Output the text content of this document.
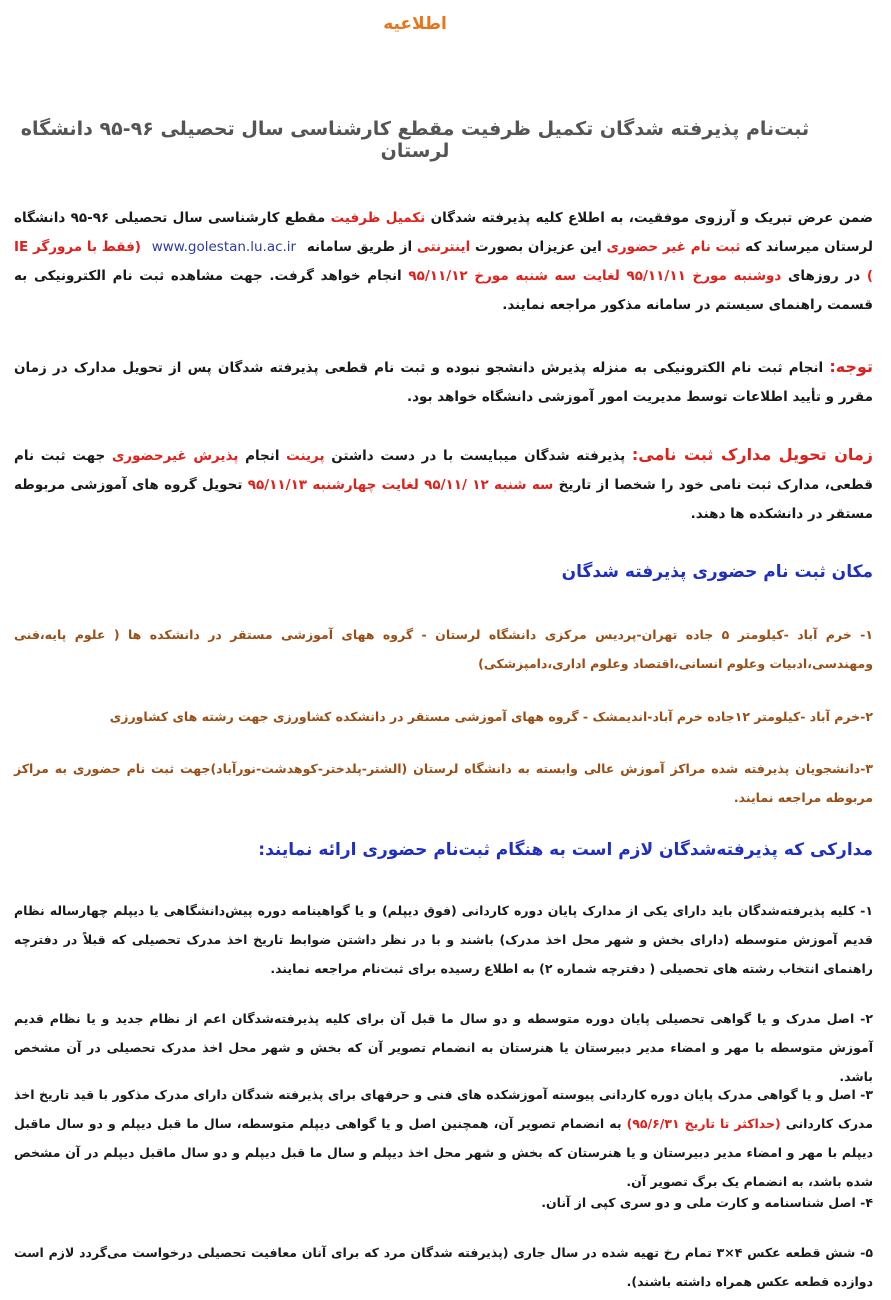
اطلاعیه
ثبت‌نام پذیرفته شدگان تکمیل ظرفیت مقطع کارشناسی سال تحصیلی ۹۶-۹۵ دانشگاه لرستان
ضمن عرض تبریک و آرزوی موفقیت، به اطلاع کلیه پذیرفته شدگان تکمیل ظرفیت مقطع کارشناسی سال تحصیلی ۹۶-۹۵ دانشگاه لرستان میرساند که ثبت نام غیر حضوری این عزیزان بصورت اینترنتی از طریق سامانه www.golestan.lu.ac.ir (فقط با مرورگر IE ) در روزهای دوشنبه مورخ ۹۵/۱۱/۱۱ لغایت سه شنبه مورخ ۹۵/۱۱/۱۲ انجام خواهد گرفت. جهت مشاهده ثبت نام الکترونیکی به قسمت راهنمای سیستم در سامانه مذکور مراجعه نمایند.
توجه: انجام ثبت نام الکترونیکی به منزله پذیرش دانشجو نبوده و ثبت نام قطعی پذیرفته شدگان پس از تحویل مدارک در زمان مقرر و تأیید اطلاعات توسط مدیریت امور آموزشی دانشگاه خواهد بود.
زمان تحویل مدارک ثبت نامی: پذیرفته شدگان میبایست با در دست داشتن پرینت انجام پذیرش غیرحضوری جهت ثبت نام قطعی، مدارک ثبت نامی خود را شخصا از تاریخ سه شنبه ۱۲ /۹۵/۱۱ لغایت چهارشنبه ۹۵/۱۱/۱۳ تحویل گروه های آموزشی مربوطه مستقر در دانشکده ها دهند.
مکان ثبت نام حضوری پذیرفته شدگان
۱- خرم آباد -کیلومتر ۵ جاده تهران-پردیس مرکزی دانشگاه لرستان - گروه ههای آموزشی مستقر در دانشکده ها ( علوم پایه،فنی ومهندسی،ادبیات وعلوم انسانی،اقتصاد وعلوم اداری،دامپزشکی)
۲-خرم آباد -کیلومتر ۱۲جاده خرم آباد-اندیمشک - گروه ههای آموزشی مستقر در دانشکده کشاورزی جهت رشته های کشاورزی
۳-دانشجویان پذیرفته شده مراکز آموزش عالی وابسته به دانشگاه لرستان (الشتر-پلدختر-کوهدشت-نورآباد)جهت ثبت نام حضوری به مراکز مربوطه مراجعه نمایند.
مدارکی که پذیرفته‌شدگان لازم است به هنگام ثبت‌نام حضوری ارائه نمایند:
۱- کلیه پذیرفته‌شدگان باید دارای یکی از مدارک پایان دوره کاردانی (فوق دیپلم) و یا گواهینامه دوره پیش‌دانشگاهی یا دیپلم چهارساله نظام قدیم آموزش متوسطه (دارای بخش و شهر محل اخذ مدرک) باشند و با در نظر داشتن ضوابط تاریخ اخذ مدرک تحصیلی که قبلاً در دفترچه راهنمای انتخاب رشته های تحصیلی ( دفترچه شماره ۲) به اطلاع رسیده برای ثبت‌نام مراجعه نمایند.
۲- اصل مدرک و یا گواهی تحصیلی پایان دوره متوسطه و دو سال ما قبل آن برای کلیه پذیرفته‌شدگان اعم از نظام جدید و یا نظام قدیم آموزش متوسطه با مهر و امضاء مدیر دبیرستان یا هنرستان به انضمام تصویر آن که بخش و شهر محل اخذ مدرک تحصیلی در آن مشخص باشد.
۳- اصل و یا گواهی مدرک پایان دوره کاردانی پیوسته آموزشکده های فنی و حرفهای برای پذیرفته شدگان دارای مدرک مذکور با قید تاریخ اخذ مدرک کاردانی (حداکثر تا تاریخ ۹۵/۶/۳۱) به انضمام تصویر آن، همچنین اصل و یا گواهی دیپلم متوسطه، سال ما قبل دیپلم و دو سال ماقبل دیپلم با مهر و امضاء مدیر دبیرستان و یا هنرستان که بخش و شهر محل اخذ دیپلم و سال ما قبل دیپلم و دو سال ماقبل دیپلم در آن مشخص شده باشد، به انضمام یک برگ تصویر آن.
۴- اصل شناسنامه و کارت ملی و دو سری کپی از آنان.
۵- شش قطعه عکس ۴×۳ تمام رخ تهیه شده در سال جاری (پذیرفته شدگان مرد که برای آنان معافیت تحصیلی درخواست می‌گردد لازم است دوازده قطعه عکس همراه داشته باشند).
